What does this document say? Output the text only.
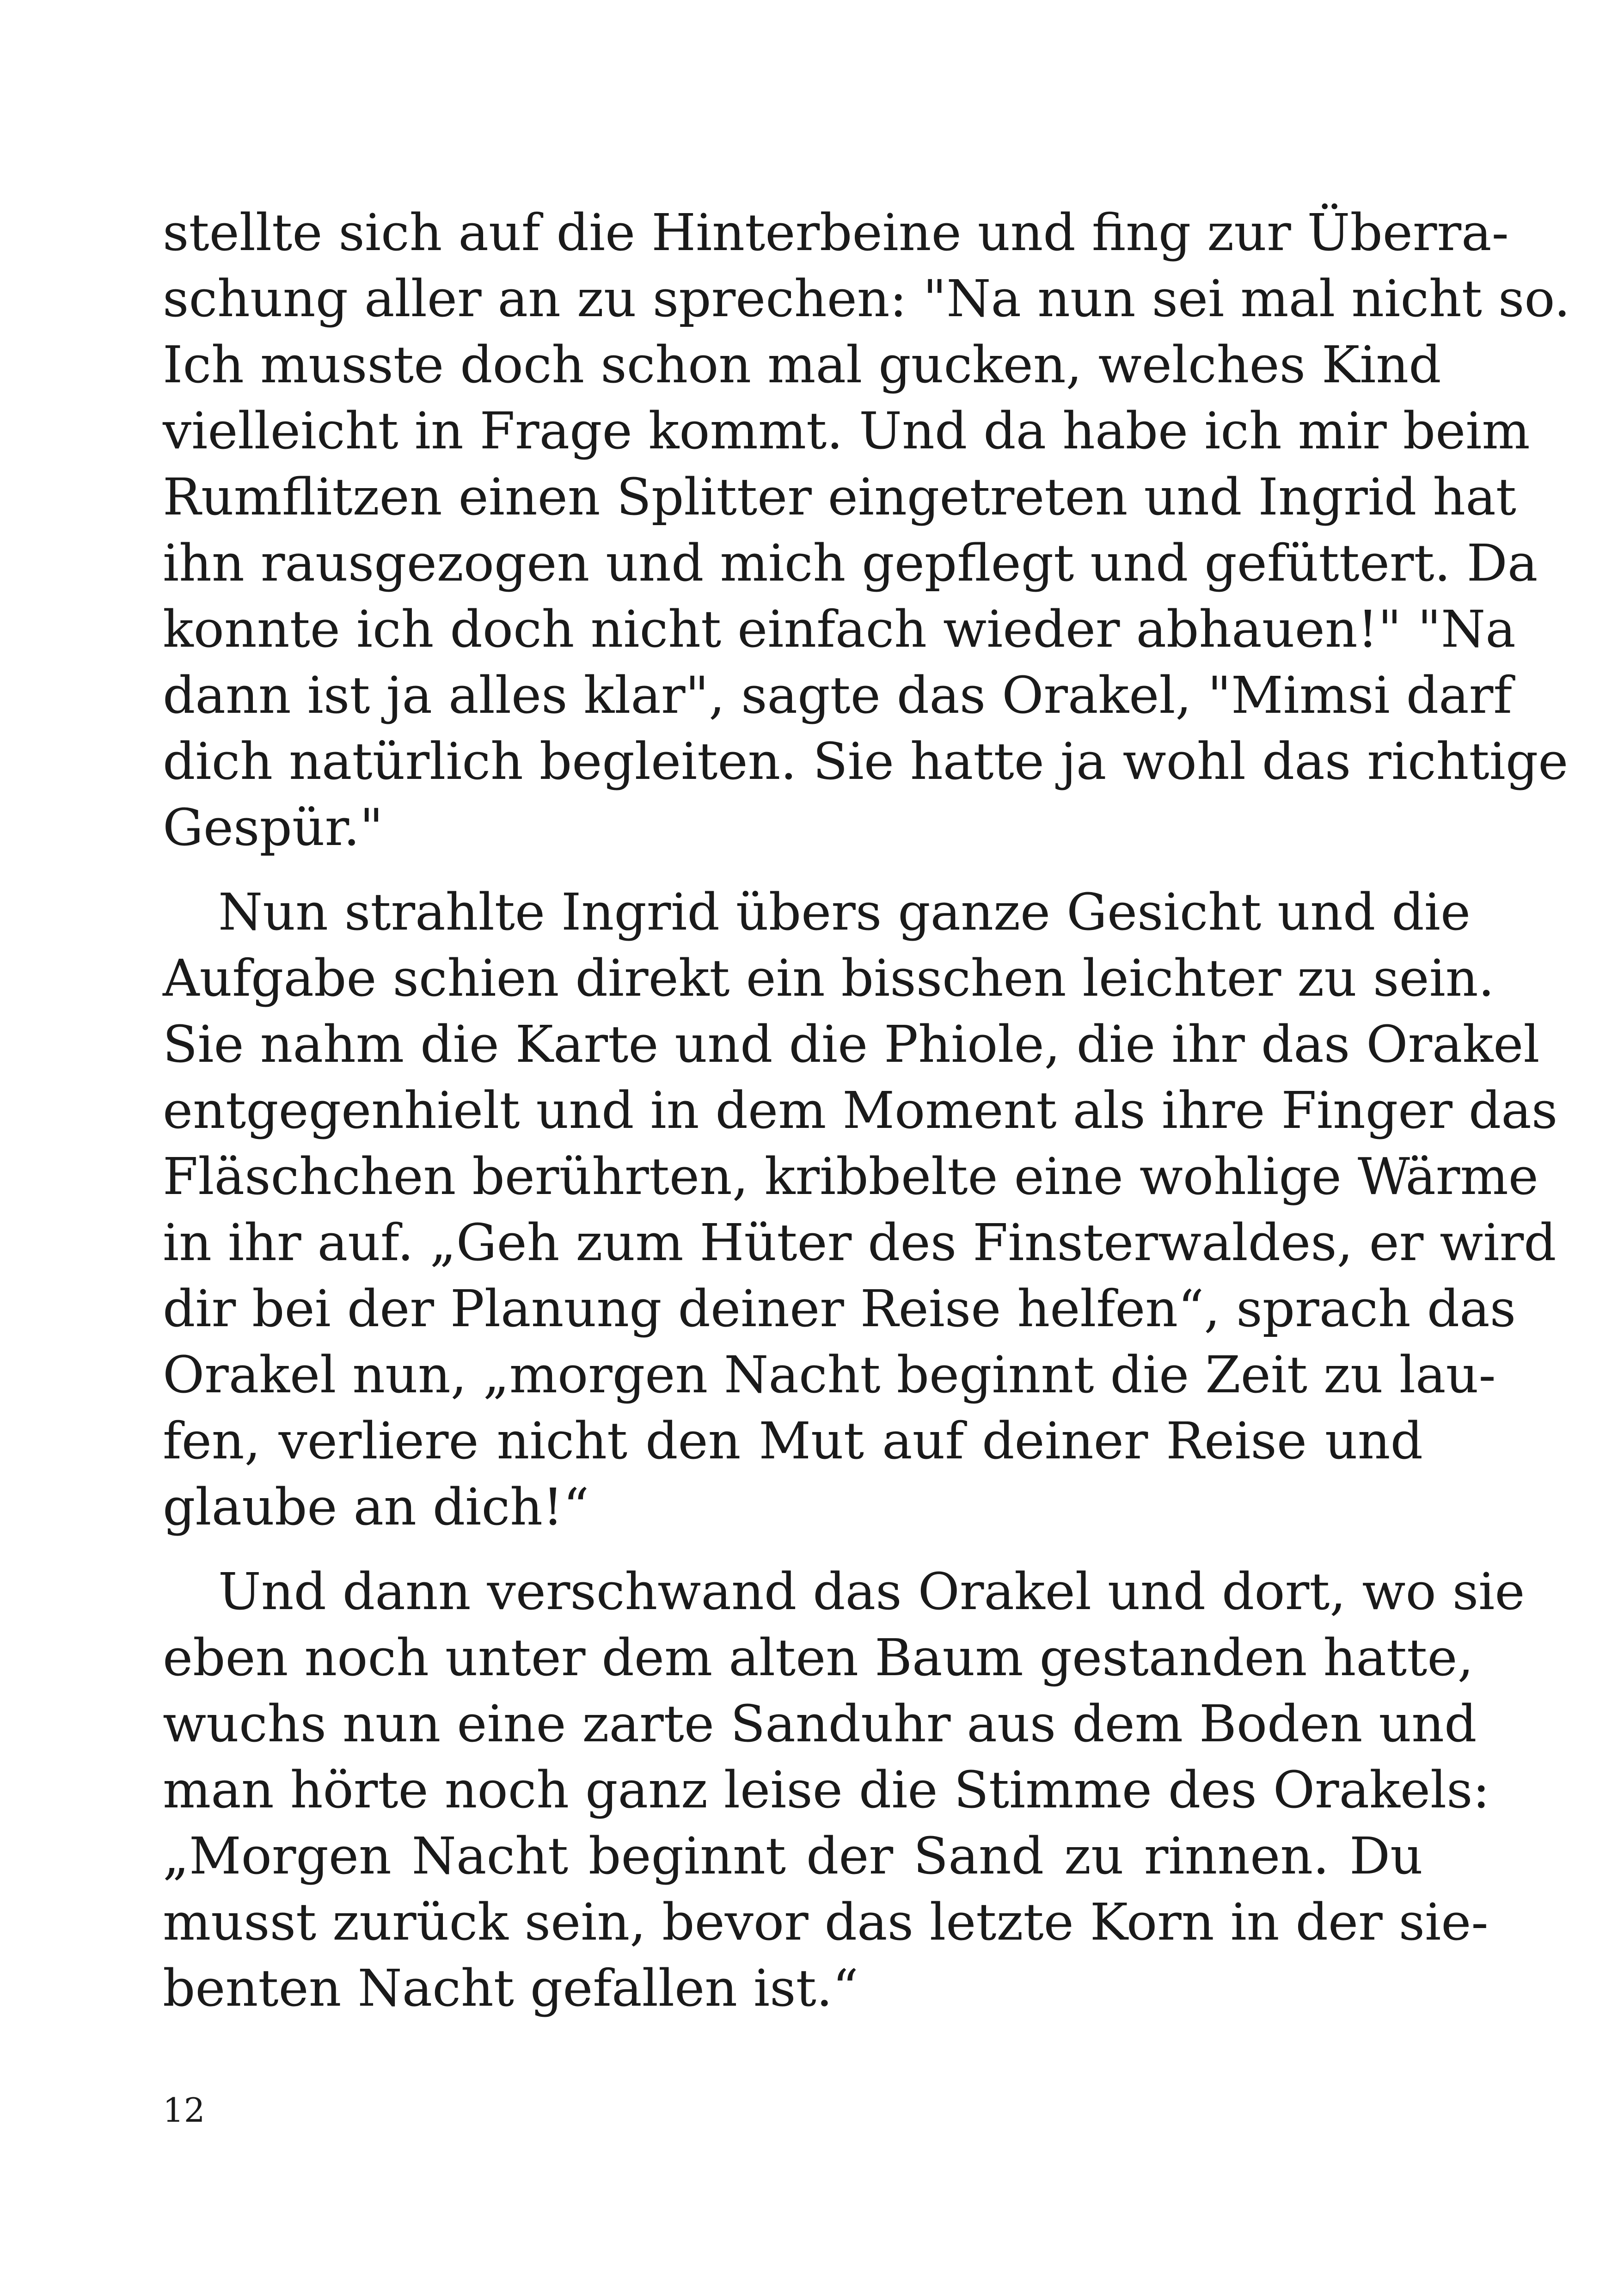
stellte sich auf die Hinterbeine und fing zur Überra-
schung aller an zu sprechen: "Na nun sei mal nicht so.
Ich musste doch schon mal gucken, welches Kind
vielleicht in Frage kommt. Und da habe ich mir beim
Rumflitzen einen Splitter eingetreten und Ingrid hat
ihn rausgezogen und mich gepflegt und gefüttert. Da
konnte ich doch nicht einfach wieder abhauen!" "Na
dann ist ja alles klar", sagte das Orakel, "Mimsi darf
dich natürlich begleiten. Sie hatte ja wohl das richtige
Gespür."
Nun strahlte Ingrid übers ganze Gesicht und die
Aufgabe schien direkt ein bisschen leichter zu sein.
Sie nahm die Karte und die Phiole, die ihr das Orakel
entgegenhielt und in dem Moment als ihre Finger das
Fläschchen berührten, kribbelte eine wohlige Wärme
in ihr auf. „Geh zum Hüter des Finsterwaldes, er wird
dir bei der Planung deiner Reise helfen“, sprach das
Orakel nun, „morgen Nacht beginnt die Zeit zu lau-
fen, verliere nicht den Mut auf deiner Reise und
glaube an dich!“
Und dann verschwand das Orakel und dort, wo sie
eben noch unter dem alten Baum gestanden hatte,
wuchs nun eine zarte Sanduhr aus dem Boden und
man hörte noch ganz leise die Stimme des Orakels:
„Morgen Nacht beginnt der Sand zu rinnen. Du
musst zurück sein, bevor das letzte Korn in der sie-
benten Nacht gefallen ist.“
12
